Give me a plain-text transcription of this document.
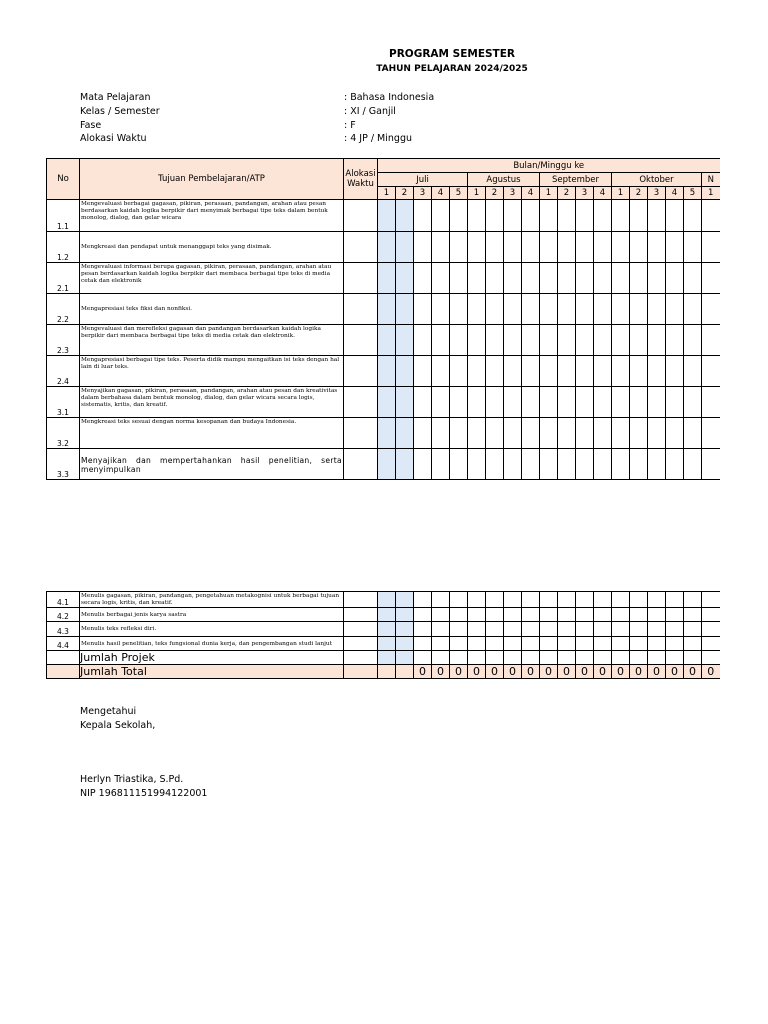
PROGRAM SEMESTER
TAHUN PELAJARAN 2024/2025
Mata Pelajaran	: Bahasa Indonesia
Kelas / Semester	: XI / Ganjil
Fase	: F
Alokasi Waktu	: 4 JP / Minggu
No	Tujuan Pembelajaran/ATP	Alokasi Waktu	Bulan/Minggu ke																		
			Juli					Agustus				September				Oktober					N
			1	2	3	4	5	1	2	3	4	1	2	3	4	1	2	3	4	5	1
1.1	Mengevaluasi berbagai gagasan, pikiran, perasaan, pandangan, arahan atau pesan berdasarkan kaidah logika berpikir dari menyimak berbagai tipe teks dalam bentuk monolog, dialog, dan gelar wicara																				
1.2	Mengkreasi dan pendapat untuk menanggapi teks yang disimak.																				
2.1	Mengevaluasi informasi berupa gagasan, pikiran, perasaan, pandangan, arahan atau pesan berdasarkan kaidah logika berpikir dari membaca berbagai tipe teks di media cetak dan elektronik																				
2.2	Mengapresiasi teks fiksi dan nonfiksi.																				
2.3	Mengevaluasi dan merefleksi gagasan dan pandangan berdasarkan kaidah logika berpikir dari membaca berbagai tipe teks di media cetak dan elektronik.																				
2.4	Mengapresiasi berbagai tipe teks. Peserta didik mampu mengaitkan isi teks dengan hal lain di luar teks.																				
3.1	Menyajikan gagasan, pikiran, perasaan, pandangan, arahan atau pesan dan kreativitas dalam berbahasa dalam bentuk monolog, dialog, dan gelar wicara secara logis, sistematis, kritis, dan kreatif.																				
3.2	Mengkreasi teks sesuai dengan norma kesopanan dan budaya Indonesia.																				
3.3	Menyajikan dan mempertahankan hasil penelitian, serta menyimpulkan																				
4.1	Menulis gagasan, pikiran, pandangan, pengetahuan metakognisi untuk berbagai tujuan secara logis, kritis, dan kreatif.																				
4.2	Menulis berbagai jenis karya sastra																				
4.3	Menulis teks refleksi diri.																				
4.4	Menulis hasil penelitian, teks fungsional dunia kerja, dan pengembangan studi lanjut																				
	Jumlah Projek																				
	Jumlah Total				0	0	0	0	0	0	0	0	0	0	0	0	0	0	0	0	0
Mengetahui
Kepala Sekolah,
Herlyn Triastika, S.Pd.
NIP 196811151994122001
